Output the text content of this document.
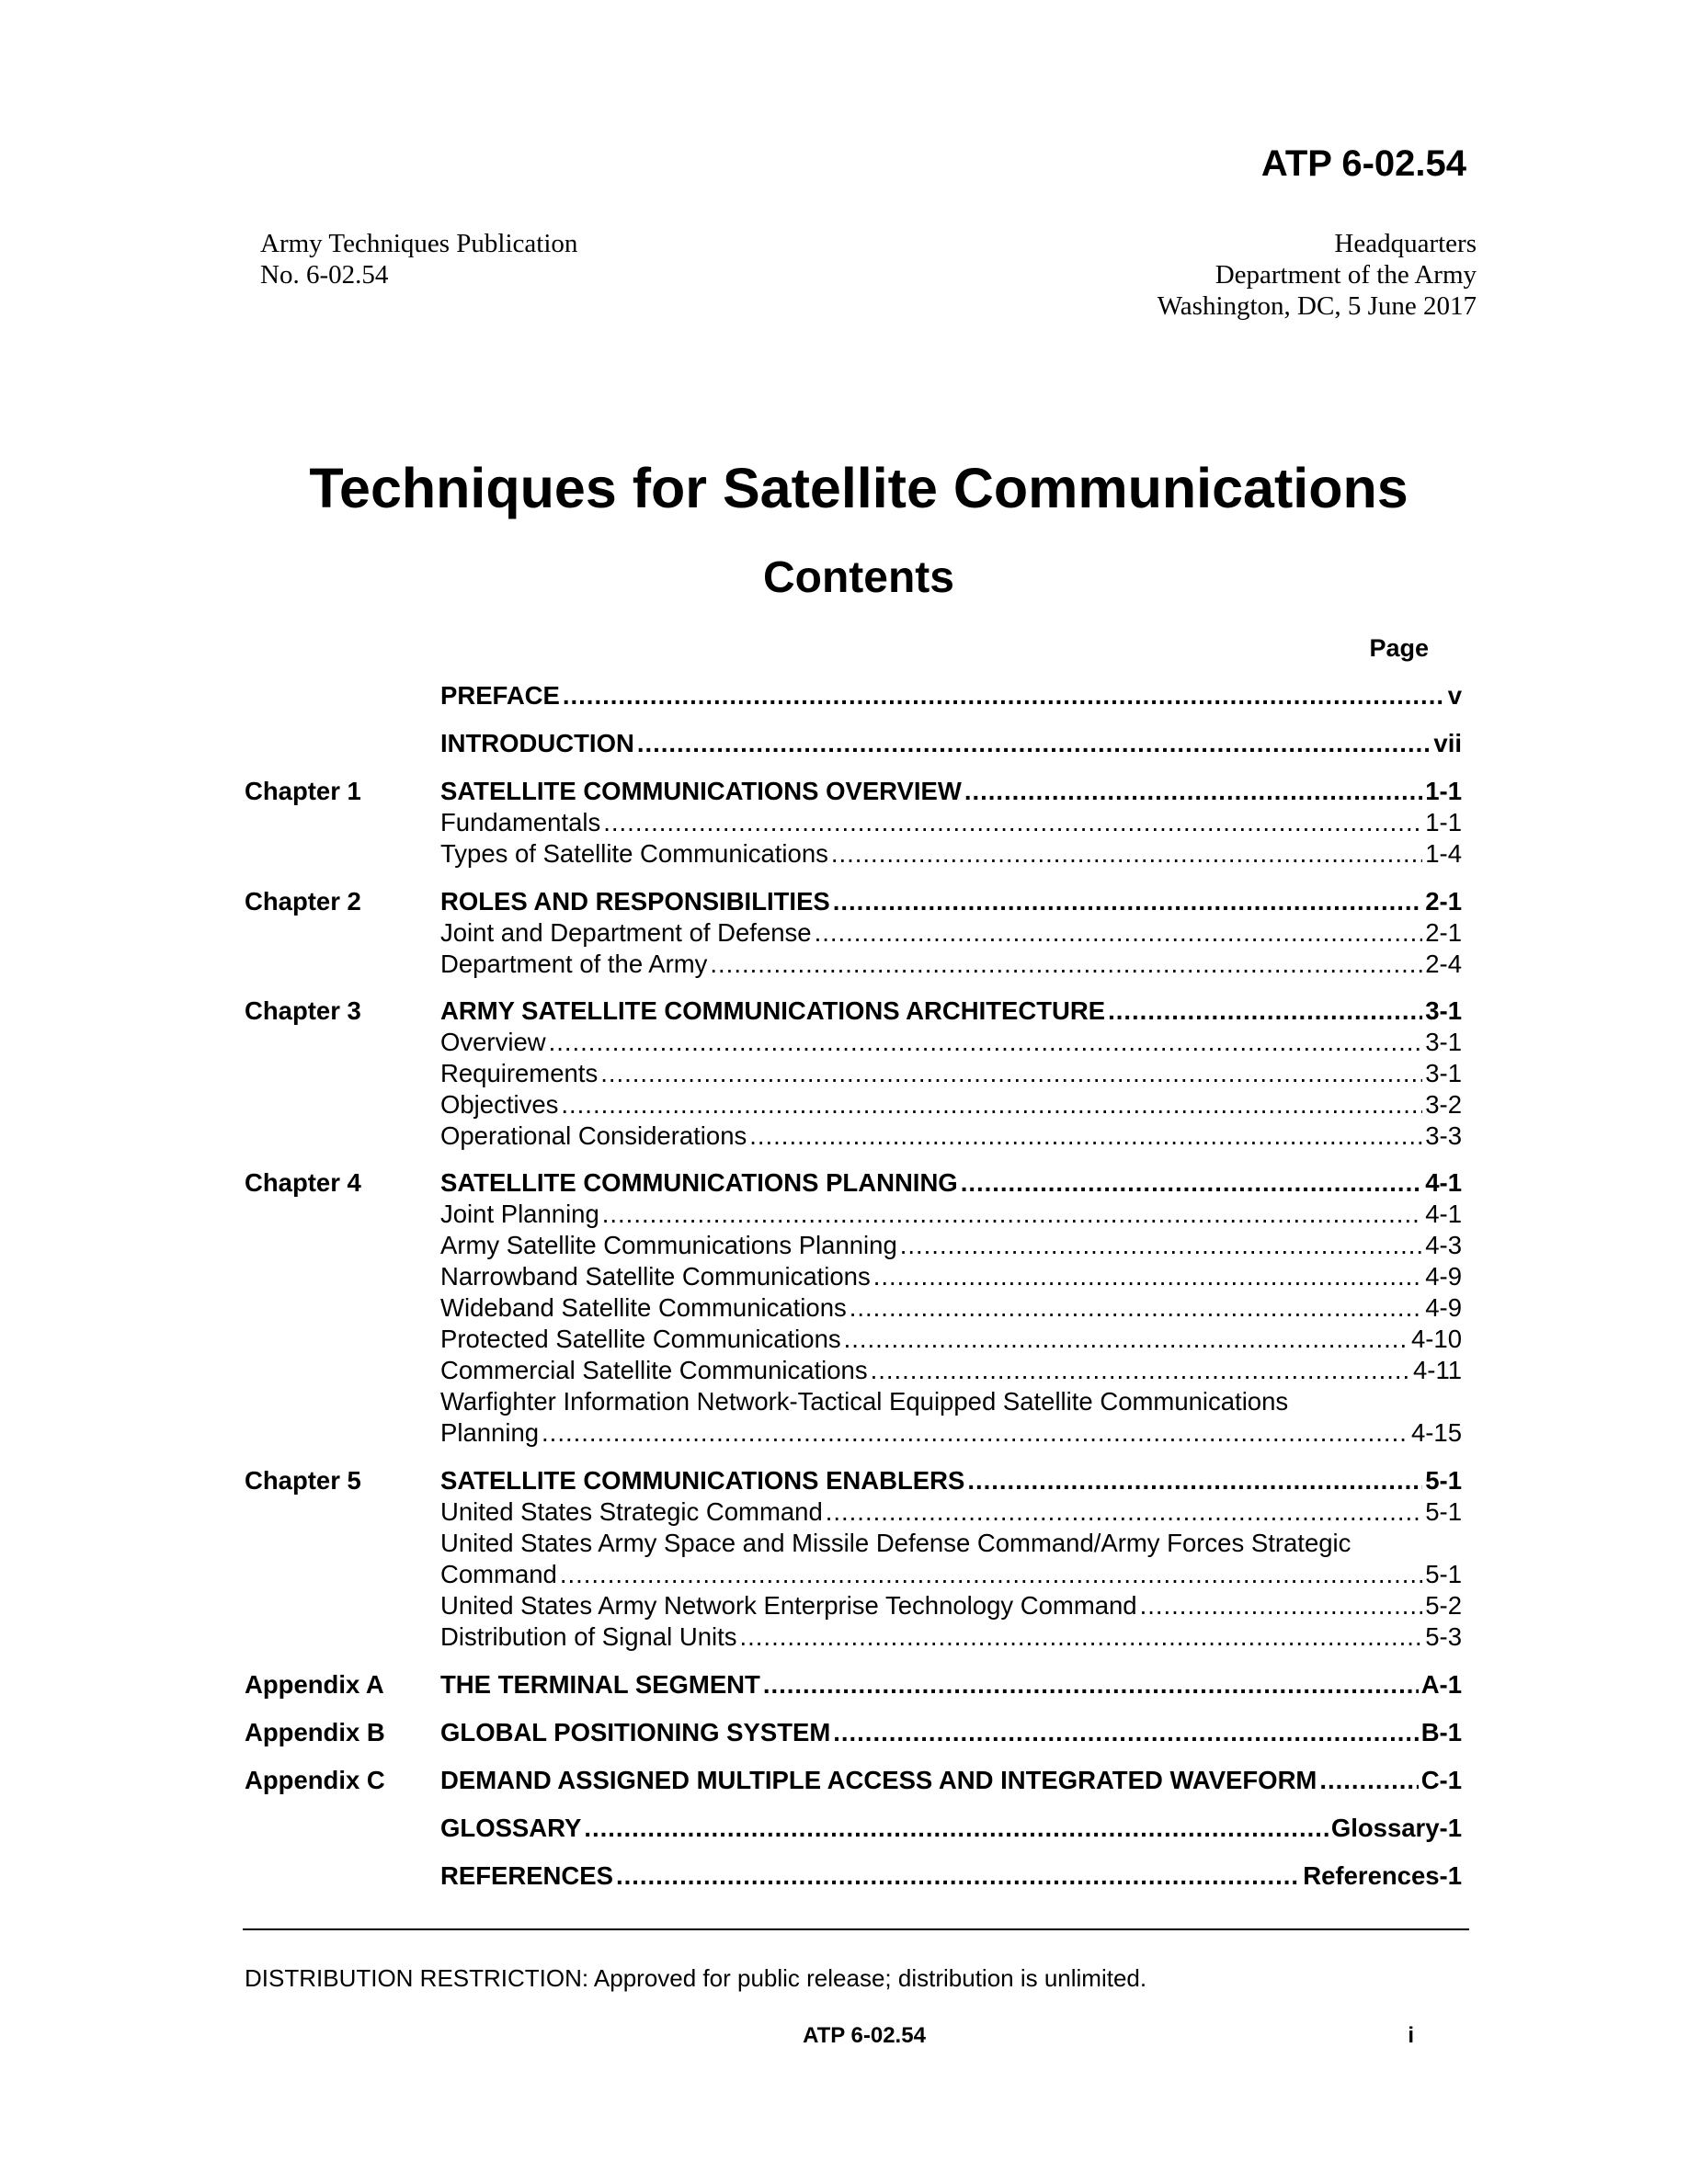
ATP 6-02.54
Army Techniques Publication
No. 6-02.54
Headquarters
Department of the Army
Washington, DC, 5 June 2017
Techniques for Satellite Communications
Contents
Page
PREFACE .....	v
INTRODUCTION .....	vii
Chapter 1	SATELLITE COMMUNICATIONS OVERVIEW .....	1-1
Fundamentals .....	1-1
Types of Satellite Communications .....	1-4
Chapter 2	ROLES AND RESPONSIBILITIES .....	2-1
Joint and Department of Defense .....	2-1
Department of the Army .....	2-4
Chapter 3	ARMY SATELLITE COMMUNICATIONS ARCHITECTURE .....	3-1
Overview .....	3-1
Requirements .....	3-1
Objectives .....	3-2
Operational Considerations .....	3-3
Chapter 4	SATELLITE COMMUNICATIONS PLANNING .....	4-1
Joint Planning .....	4-1
Army Satellite Communications Planning .....	4-3
Narrowband Satellite Communications .....	4-9
Wideband Satellite Communications .....	4-9
Protected Satellite Communications .....	4-10
Commercial Satellite Communications .....	4-11
Warfighter Information Network-Tactical Equipped Satellite Communications
Planning .....	4-15
Chapter 5	SATELLITE COMMUNICATIONS ENABLERS .....	5-1
United States Strategic Command .....	5-1
United States Army Space and Missile Defense Command/Army Forces Strategic
Command .....	5-1
United States Army Network Enterprise Technology Command .....	5-2
Distribution of Signal Units .....	5-3
Appendix A THE TERMINAL SEGMENT .....	A-1
Appendix B GLOBAL POSITIONING SYSTEM .....	B-1
Appendix C DEMAND ASSIGNED MULTIPLE ACCESS AND INTEGRATED WAVEFORM .....	C-1
GLOSSARY .....	Glossary-1
REFERENCES .....	References-1
DISTRIBUTION RESTRICTION: Approved for public release; distribution is unlimited.
ATP 6-02.54	i
